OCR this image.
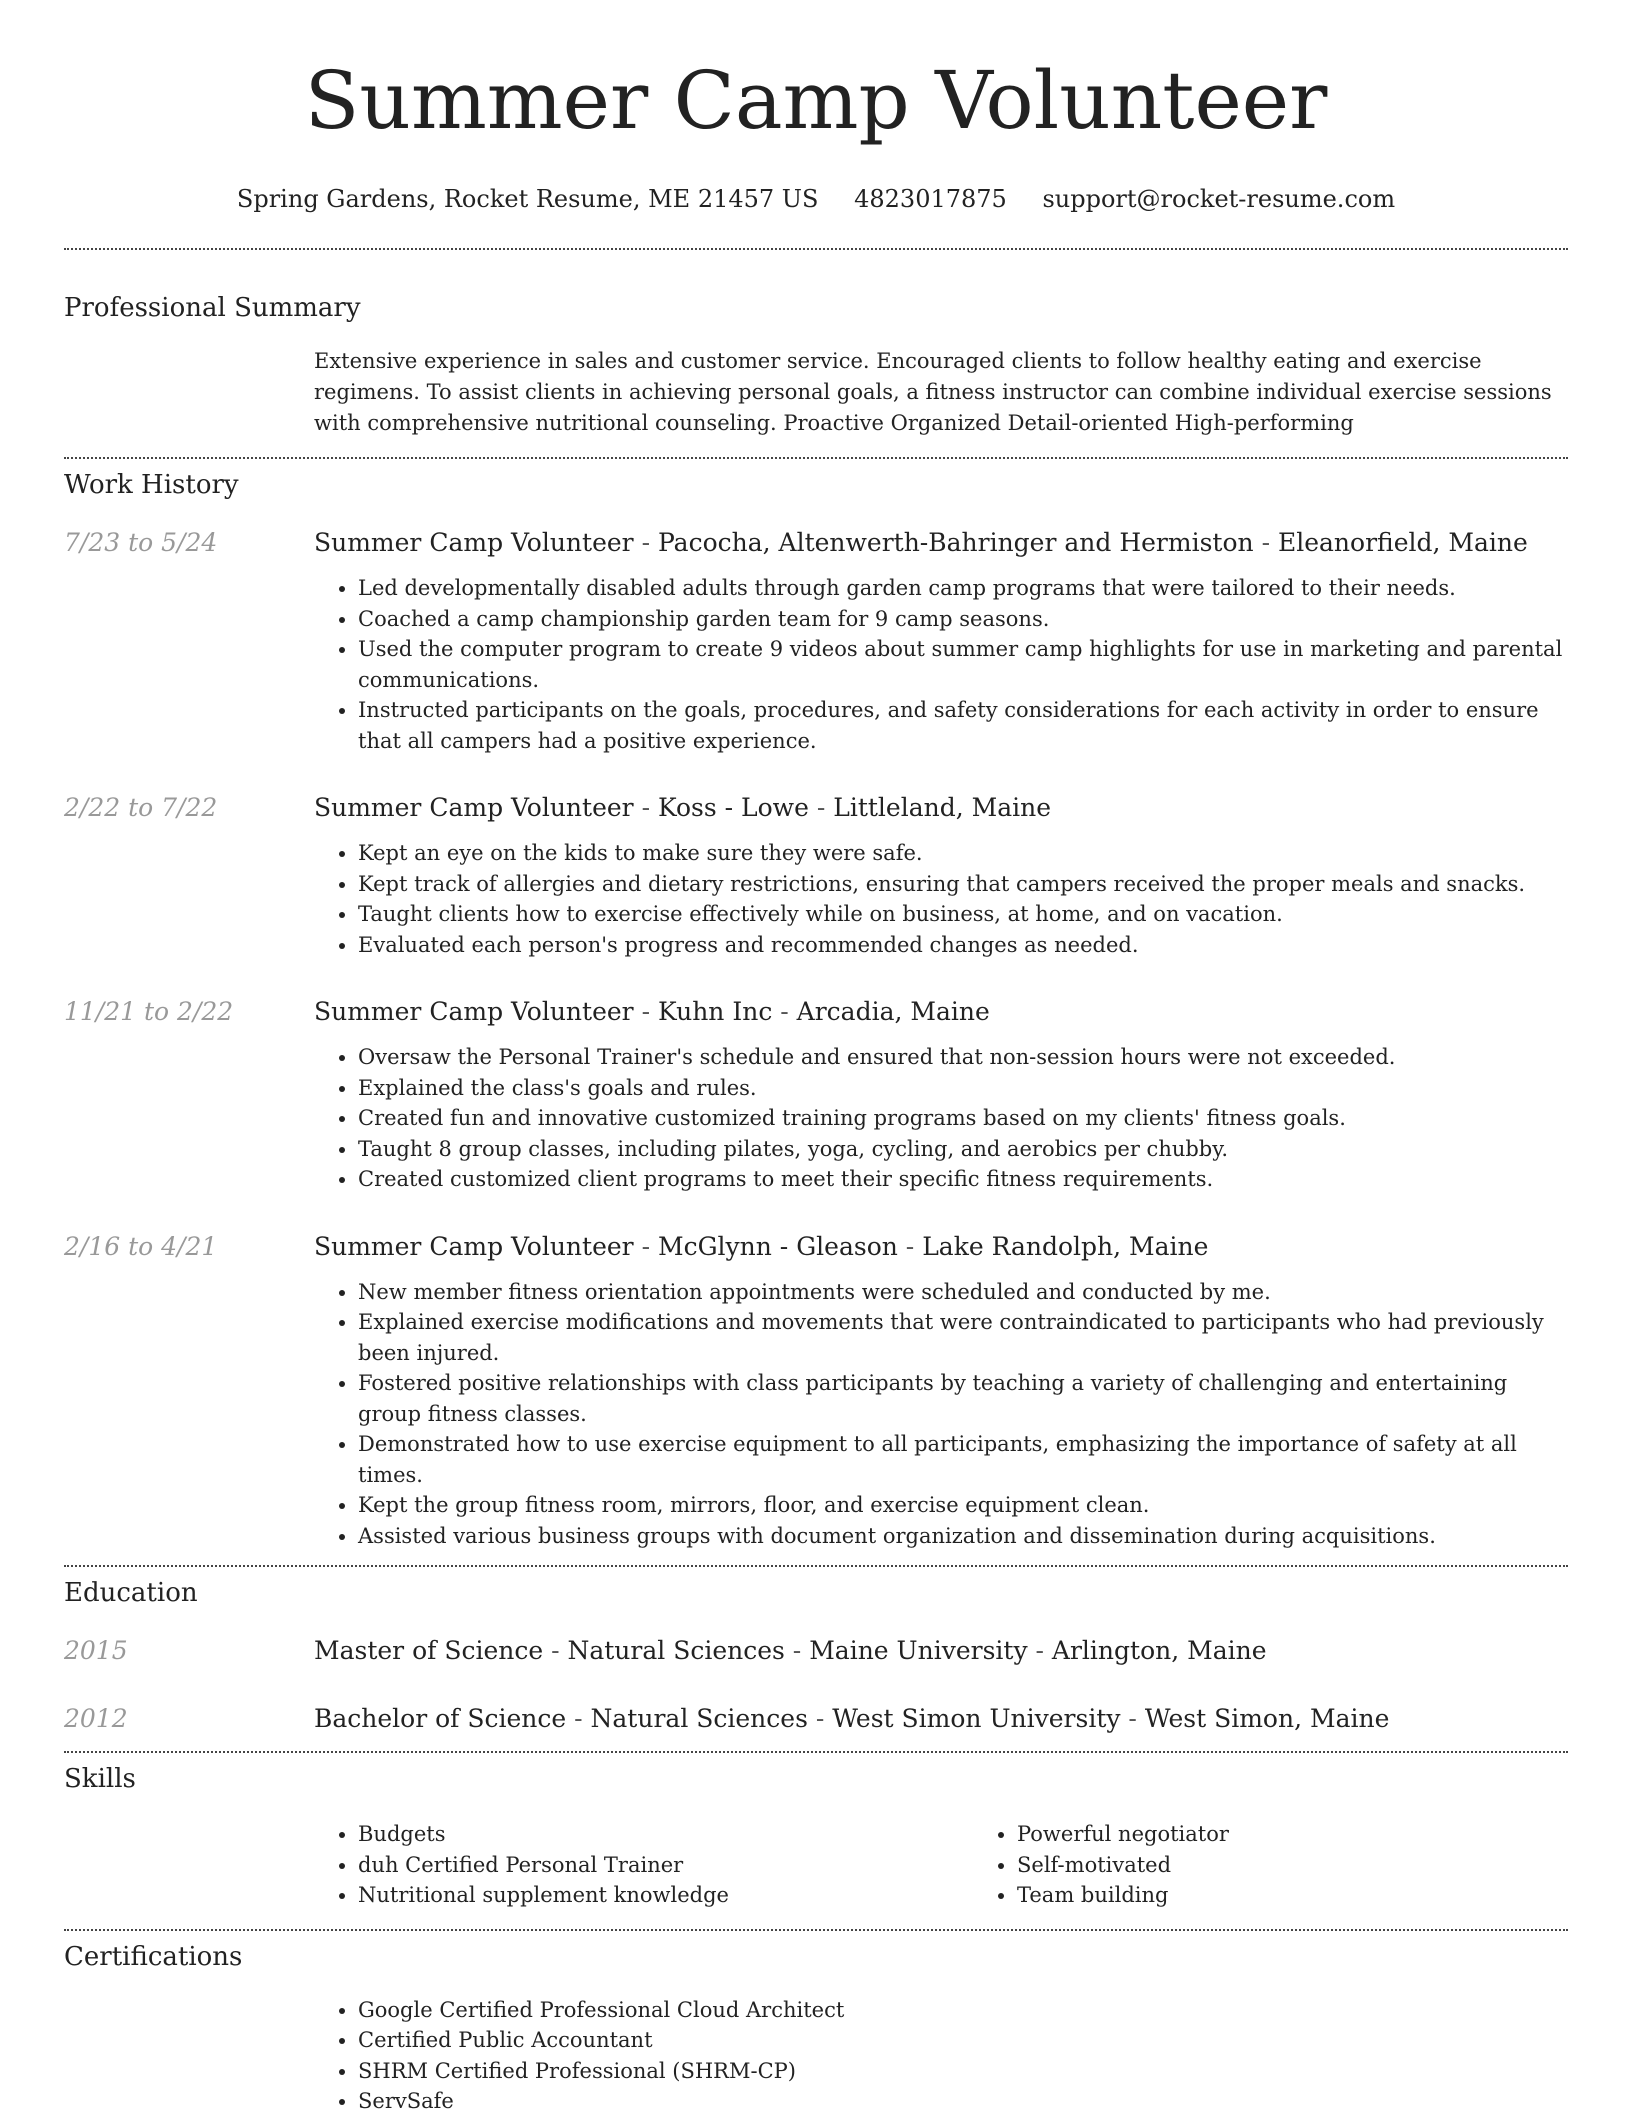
Summer Camp Volunteer
Spring Gardens, Rocket Resume, ME 21457 US 4823017875 support@rocket-resume.com
Professional Summary
Extensive experience in sales and customer service. Encouraged clients to follow healthy eating and exercise regimens. To assist clients in achieving personal goals, a fitness instructor can combine individual exercise sessions with comprehensive nutritional counseling. Proactive Organized Detail-oriented High-performing
Work History
7/23 to 5/24	Summer Camp Volunteer - Pacocha, Altenwerth-Bahringer and Hermiston - Eleanorfield, Maine
• Led developmentally disabled adults through garden camp programs that were tailored to their needs.
• Coached a camp championship garden team for 9 camp seasons.
• Used the computer program to create 9 videos about summer camp highlights for use in marketing and parental communications.
• Instructed participants on the goals, procedures, and safety considerations for each activity in order to ensure that all campers had a positive experience.
2/22 to 7/22	Summer Camp Volunteer - Koss - Lowe - Littleland, Maine
• Kept an eye on the kids to make sure they were safe.
• Kept track of allergies and dietary restrictions, ensuring that campers received the proper meals and snacks.
• Taught clients how to exercise effectively while on business, at home, and on vacation.
• Evaluated each person's progress and recommended changes as needed.
11/21 to 2/22	Summer Camp Volunteer - Kuhn Inc - Arcadia, Maine
• Oversaw the Personal Trainer's schedule and ensured that non-session hours were not exceeded.
• Explained the class's goals and rules.
• Created fun and innovative customized training programs based on my clients' fitness goals.
• Taught 8 group classes, including pilates, yoga, cycling, and aerobics per chubby.
• Created customized client programs to meet their specific fitness requirements.
2/16 to 4/21	Summer Camp Volunteer - McGlynn - Gleason - Lake Randolph, Maine
• New member fitness orientation appointments were scheduled and conducted by me.
• Explained exercise modifications and movements that were contraindicated to participants who had previously been injured.
• Fostered positive relationships with class participants by teaching a variety of challenging and entertaining group fitness classes.
• Demonstrated how to use exercise equipment to all participants, emphasizing the importance of safety at all times.
• Kept the group fitness room, mirrors, floor, and exercise equipment clean.
• Assisted various business groups with document organization and dissemination during acquisitions.
Education
2015	Master of Science - Natural Sciences - Maine University - Arlington, Maine
2012	Bachelor of Science - Natural Sciences - West Simon University - West Simon, Maine
Skills
• Budgets
• duh Certified Personal Trainer
• Nutritional supplement knowledge
• Powerful negotiator
• Self-motivated
• Team building
Certifications
• Google Certified Professional Cloud Architect
• Certified Public Accountant
• SHRM Certified Professional (SHRM-CP)
• ServSafe
